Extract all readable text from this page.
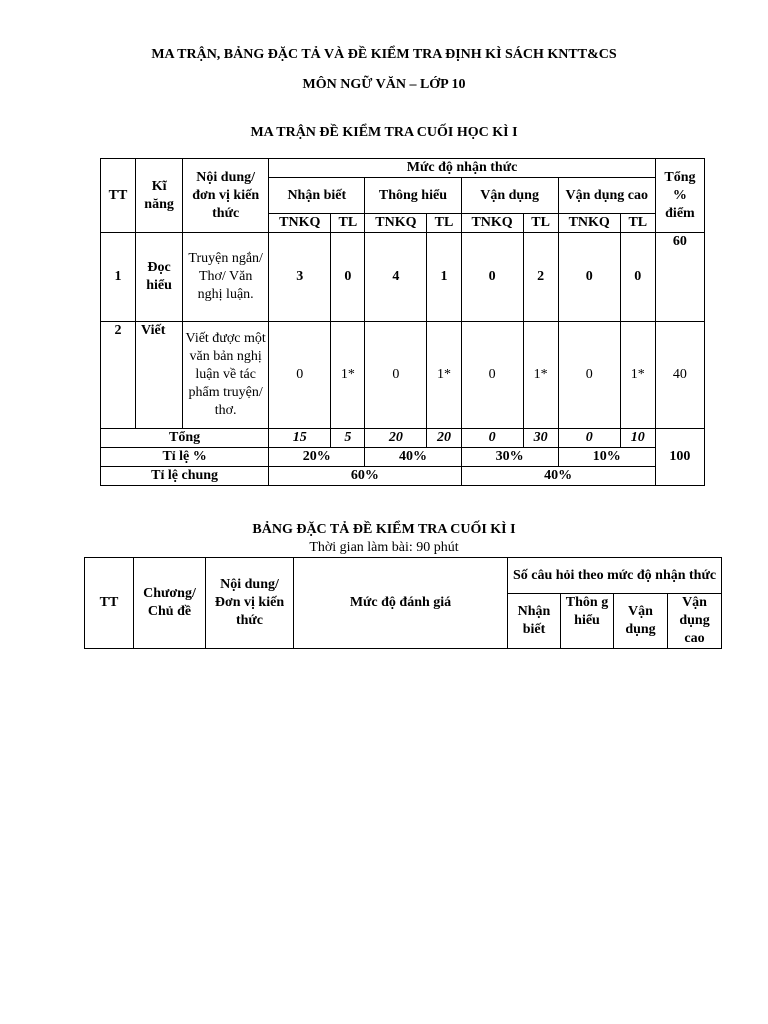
MA TRẬN, BẢNG ĐẶC TẢ VÀ ĐỀ KIỂM TRA ĐỊNH KÌ SÁCH KNTT&CS
MÔN NGỮ VĂN – LỚP 10
MA TRẬN ĐỀ KIỂM TRA CUỐI HỌC KÌ I
TT	Kĩ năng	Nội dung/đơn vị kiến thức	Mức độ nhận thức								Tổng % điểm
			Nhận biết		Thông hiểu		Vận dụng		Vận dụng cao		
			TNKQ	TL	TNKQ	TL	TNKQ	TL	TNKQ	TL	
1	Đọc hiểu	Truyện ngắn/ Thơ/ Văn nghị luận.	3	0	4	1	0	2	0	0	60
2	Viết	Viết được một văn bản nghị luận về tác phẩm truyện/ thơ.	0	1*	0	1*	0	1*	0	1*	40
Tổng			15	5	20	20	0	30	0	10	100
Tỉ lệ %			20%		40%		30%		10%		
Tỉ lệ chung			60%				40%				
BẢNG ĐẶC TẢ ĐỀ KIỂM TRA CUỐI KÌ I
Thời gian làm bài: 90 phút
TT	Chương/ Chủ đề	Nội dung/Đơn vị kiến thức	Mức độ đánh giá	Số câu hỏi theo mức độ nhận thức			
				Nhận biết	Thôn g hiểu	Vận dụng	Vận dụng cao
